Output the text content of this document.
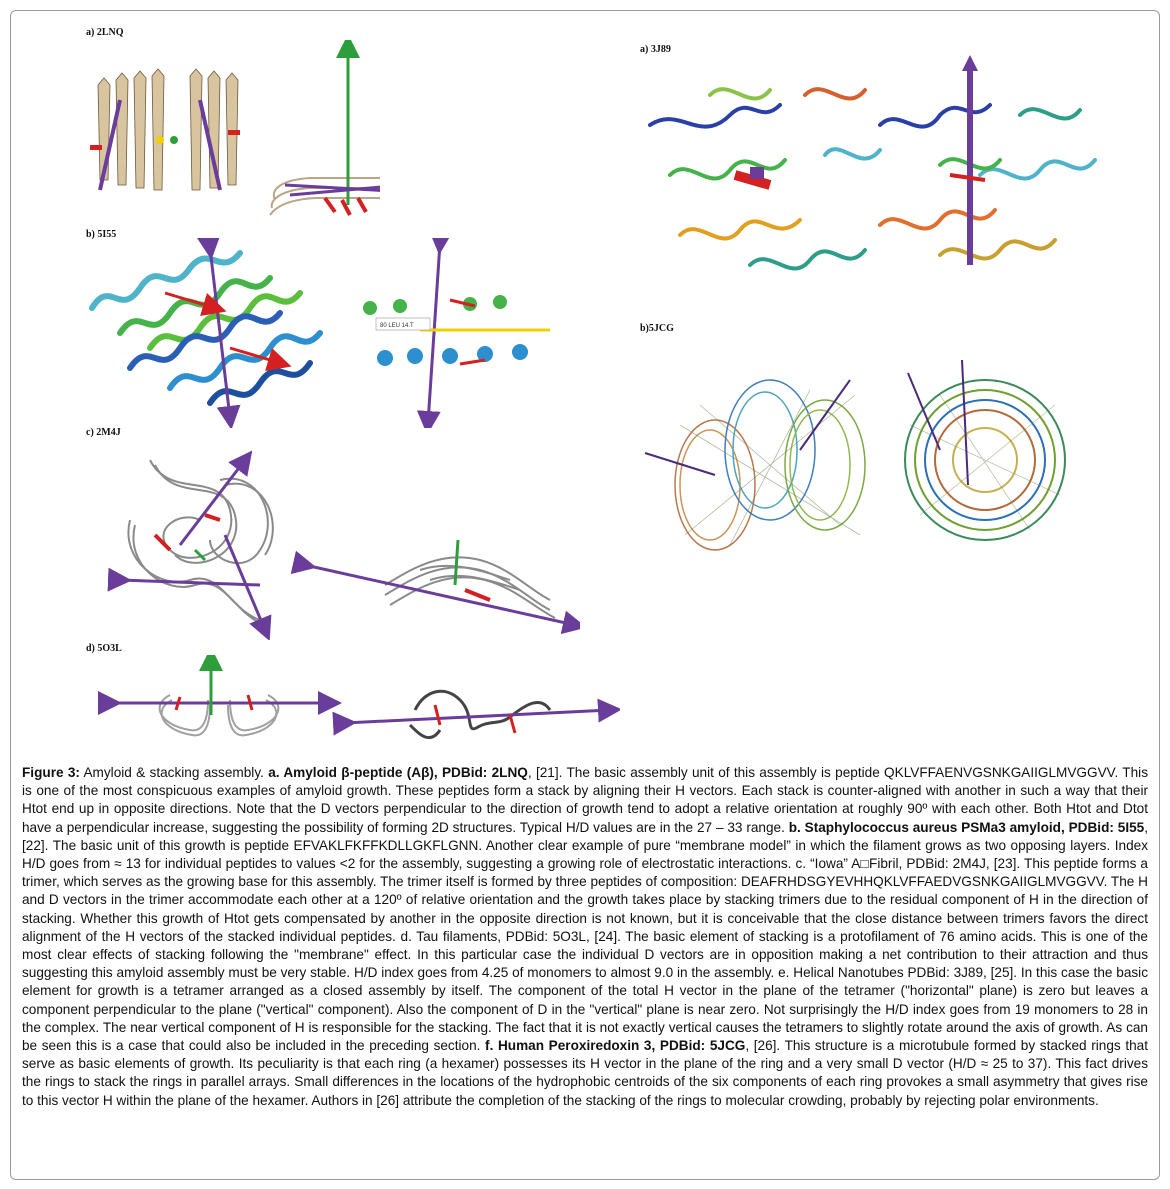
a) 2LNQ
b) 5I55
c) 2M4J
d) 5O3L
a) 3J89
b)5JCG
80 LEU 14.T
Figure 3: Amyloid & stacking assembly. a. Amyloid β-peptide (Aβ), PDBid: 2LNQ, [21]. The basic assembly unit of this assembly is peptide QKLVFFAENVGSNKGAIIGLMVGGVV. This is one of the most conspicuous examples of amyloid growth. These peptides form a stack by aligning their H vectors. Each stack is counter-aligned with another in such a way that their Htot end up in opposite directions. Note that the D vectors perpendicular to the direction of growth tend to adopt a relative orientation at roughly 90º with each other. Both Htot and Dtot have a perpendicular increase, suggesting the possibility of forming 2D structures. Typical H/D values are in the 27 – 33 range. b. Staphylococcus aureus PSMa3 amyloid, PDBid: 5I55, [22]. The basic unit of this growth is peptide EFVAKLFKFFKDLLGKFLGNN. Another clear example of pure “membrane model” in which the filament grows as two opposing layers. Index H/D goes from ≈ 13 for individual peptides to values <2 for the assembly, suggesting a growing role of electrostatic interactions. c. “Iowa” A□Fibril, PDBid: 2M4J, [23]. This peptide forms a trimer, which serves as the growing base for this assembly. The trimer itself is formed by three peptides of composition: DEAFRHDSGYEVHHQKLVFFAEDVGSNKGAIIGLMVGGVV. The H and D vectors in the trimer accommodate each other at a 120º of relative orientation and the growth takes place by stacking trimers due to the residual component of H in the direction of stacking. Whether this growth of Htot gets compensated by another in the opposite direction is not known, but it is conceivable that the close distance between trimers favors the direct alignment of the H vectors of the stacked individual peptides. d. Tau filaments, PDBid: 5O3L, [24]. The basic element of stacking is a protofilament of 76 amino acids. This is one of the most clear effects of stacking following the "membrane" effect. In this particular case the individual D vectors are in opposition making a net contribution to their attraction and thus suggesting this amyloid assembly must be very stable. H/D index goes from 4.25 of monomers to almost 9.0 in the assembly. e. Helical Nanotubes PDBid: 3J89, [25]. In this case the basic element for growth is a tetramer arranged as a closed assembly by itself. The component of the total H vector in the plane of the tetramer ("horizontal" plane) is zero but leaves a component perpendicular to the plane ("vertical" component). Also the component of D in the "vertical" plane is near zero. Not surprisingly the H/D index goes from 19 monomers to 28 in the complex. The near vertical component of H is responsible for the stacking. The fact that it is not exactly vertical causes the tetramers to slightly rotate around the axis of growth. As can be seen this is a case that could also be included in the preceding section. f. Human Peroxiredoxin 3, PDBid: 5JCG, [26]. This structure is a microtubule formed by stacked rings that serve as basic elements of growth. Its peculiarity is that each ring (a hexamer) possesses its H vector in the plane of the ring and a very small D vector (H/D ≈ 25 to 37). This fact drives the rings to stack the rings in parallel arrays. Small differences in the locations of the hydrophobic centroids of the six components of each ring provokes a small asymmetry that gives rise to this vector H within the plane of the hexamer. Authors in [26] attribute the completion of the stacking of the rings to molecular crowding, probably by rejecting polar environments.
